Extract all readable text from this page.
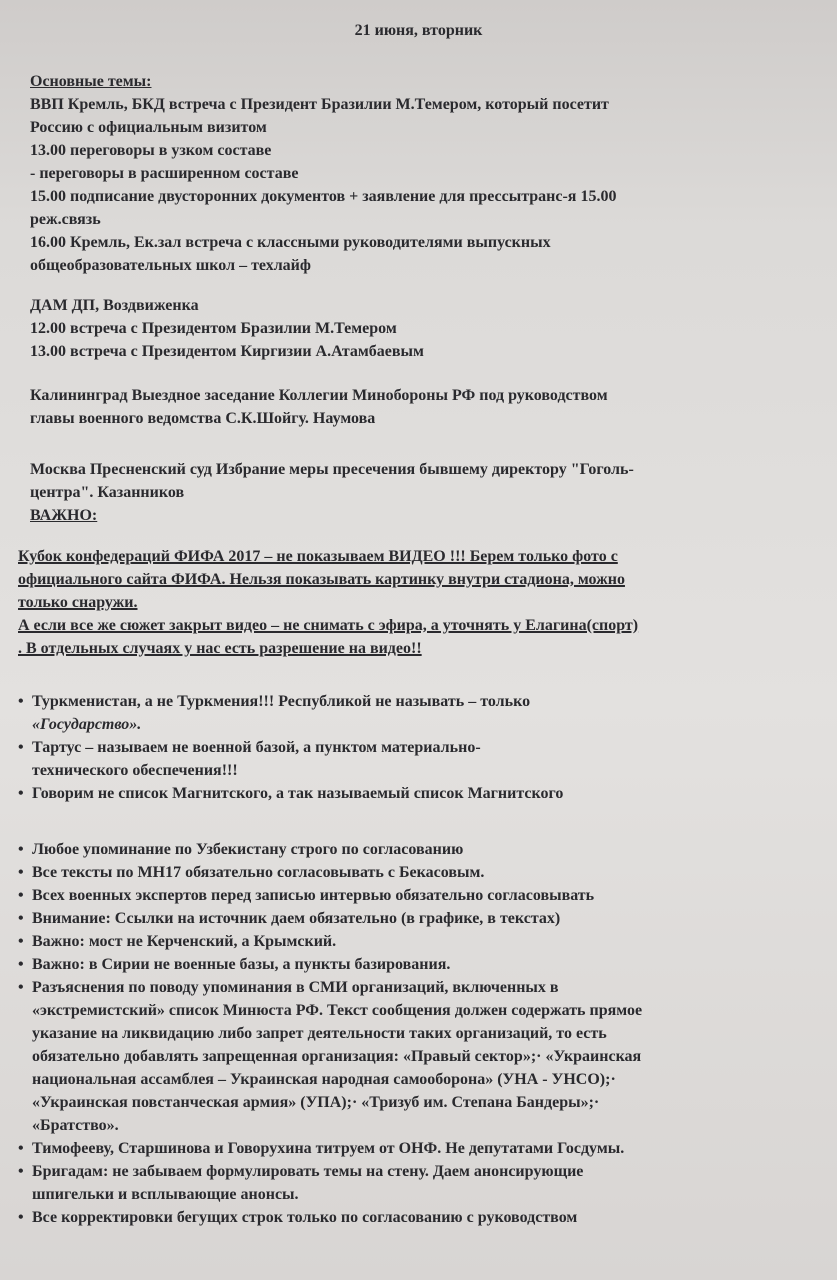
21 июня, вторник
Основные темы:
ВВП Кремль, БКД встреча с Президент Бразилии М.Темером, который посетит
Россию с официальным визитом
13.00 переговоры в узком составе
- переговоры в расширенном составе
15.00 подписание двусторонних документов + заявление для прессытранс-я 15.00
реж.связь
16.00 Кремль, Ек.зал встреча с классными руководителями выпускных
общеобразовательных школ – техлайф
ДАМ ДП, Воздвиженка
12.00 встреча с Президентом Бразилии М.Темером
13.00 встреча с Президентом Киргизии А.Атамбаевым
Калининград Выездное заседание Коллегии Минобороны РФ под руководством
главы военного ведомства С.К.Шойгу. Наумова
Москва Пресненский суд Избрание меры пресечения бывшему директору "Гоголь-
центра". Казанников
ВАЖНО:
Кубок конфедераций ФИФА 2017 – не показываем ВИДЕО !!! Берем только фото с
официального сайта ФИФА. Нельзя показывать картинку внутри стадиона, можно
только снаружи.
А если все же сюжет закрыт видео – не снимать с эфира, а уточнять у Елагина(спорт)
. В отдельных случаях у нас есть разрешение на видео!!
• Туркменистан, а не Туркмения!!! Республикой не называть – только
«Государство».
• Тартус – называем не военной базой, а пунктом материально-
технического обеспечения!!!
• Говорим не список Магнитского, а так называемый список Магнитского
• Любое упоминание по Узбекистану строго по согласованию
• Все тексты по МН17 обязательно согласовывать с Бекасовым.
• Всех военных экспертов перед записью интервью обязательно согласовывать
• Внимание: Ссылки на источник даем обязательно (в графике, в текстах)
• Важно: мост не Керченский, а Крымский.
• Важно: в Сирии не военные базы, а пункты базирования.
• Разъяснения по поводу упоминания в СМИ организаций, включенных в
«экстремистский» список Минюста РФ. Текст сообщения должен содержать прямое
указание на ликвидацию либо запрет деятельности таких организаций, то есть
обязательно добавлять запрещенная организация: «Правый сектор»;· «Украинская
национальная ассамблея – Украинская народная самооборона» (УНА - УНСО);·
«Украинская повстанческая армия» (УПА);· «Тризуб им. Степана Бандеры»;·
«Братство».
• Тимофееву, Старшинова и Говорухина титруем от ОНФ. Не депутатами Госдумы.
• Бригадам: не забываем формулировать темы на стену. Даем анонсирующие
шпигельки и всплывающие анонсы.
• Все корректировки бегущих строк только по согласованию с руководством
